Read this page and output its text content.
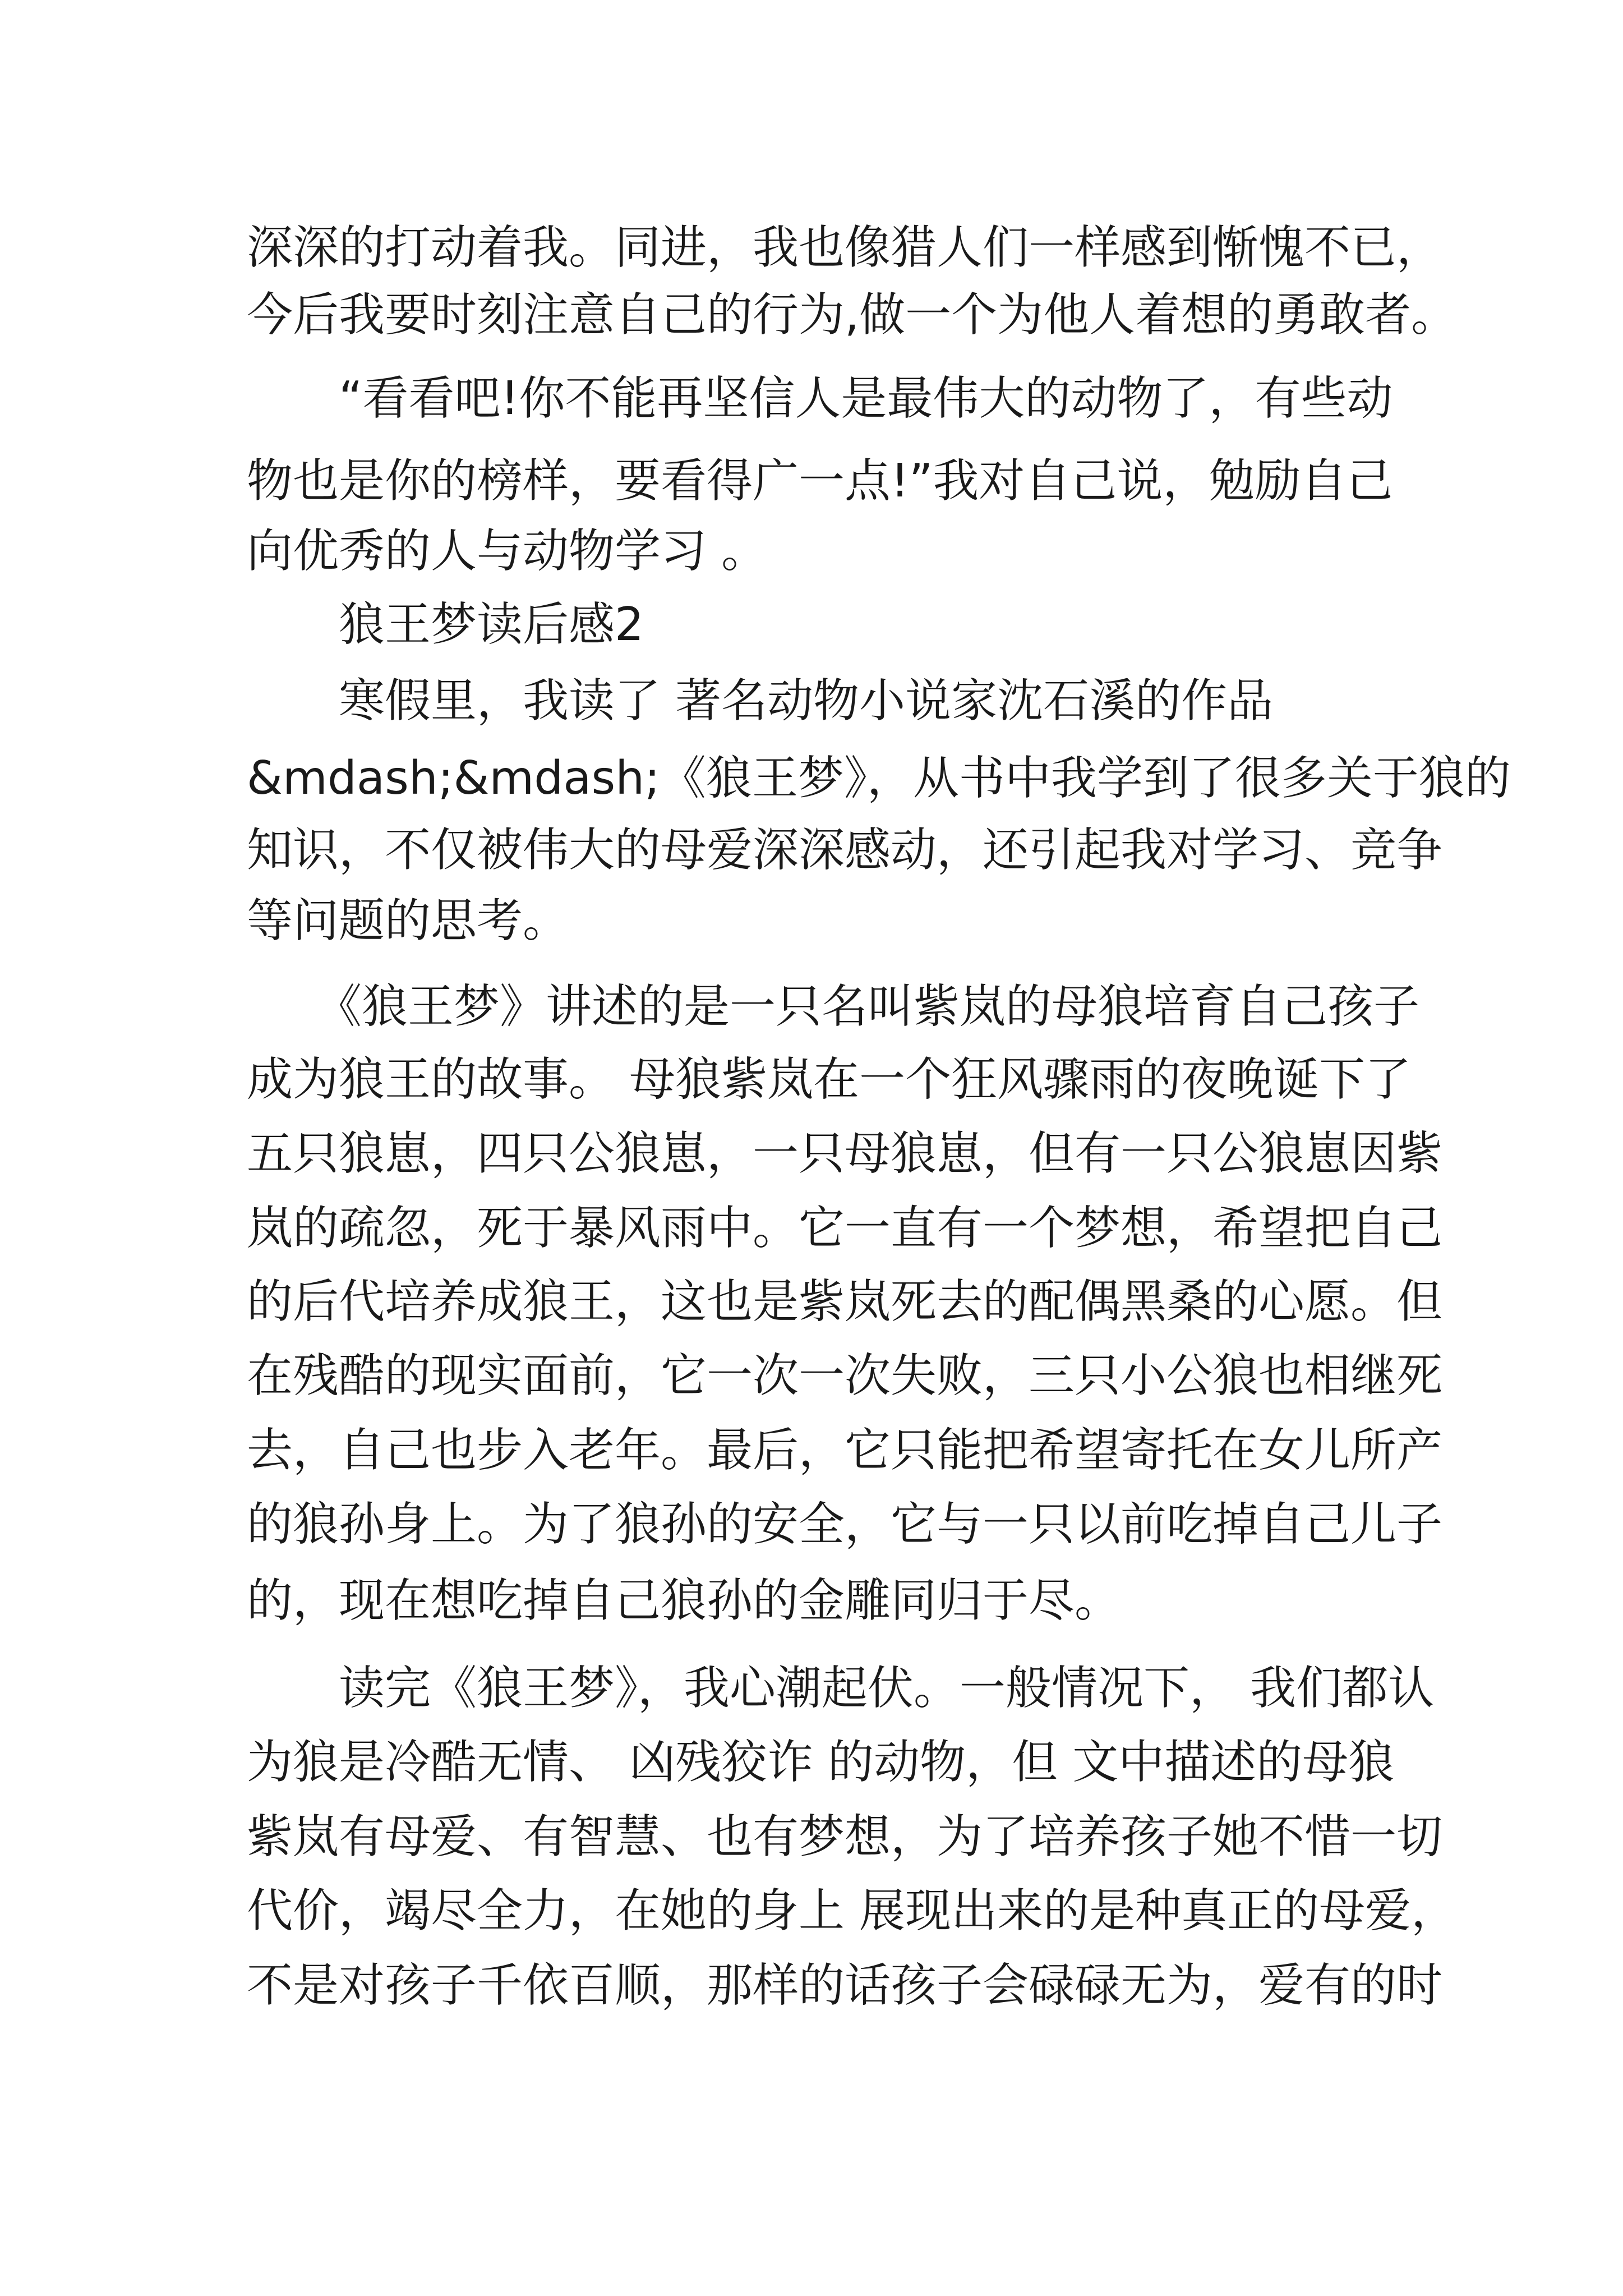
深深的打动着我。同进，我也像猎人们一样感到惭愧不已，
今后我要时刻注意自己的行为,做一个为他人着想的勇敢者。
　　“看看吧!你不能再坚信人是最伟大的动物了，有些动
物也是你的榜样，要看得广一点!”我对自己说，勉励自己
向优秀的人与动物学习 。
　　狼王梦读后感2
　　寒假里，我读了 著名动物小说家沈石溪的作品
&mdash;&mdash;《狼王梦》，从书中我学到了很多关于狼的
知识，不仅被伟大的母爱深深感动，还引起我对学习、竞争
等问题的思考。
　　《狼王梦》讲述的是一只名叫紫岚的母狼培育自己孩子
成为狼王的故事。 母狼紫岚在一个狂风骤雨的夜晚诞下了
五只狼崽，四只公狼崽，一只母狼崽，但有一只公狼崽因紫
岚的疏忽，死于暴风雨中。它一直有一个梦想，希望把自己
的后代培养成狼王，这也是紫岚死去的配偶黑桑的心愿。但
在残酷的现实面前，它一次一次失败，三只小公狼也相继死
去，自己也步入老年。最后，它只能把希望寄托在女儿所产
的狼孙身上。为了狼孙的安全，它与一只以前吃掉自己儿子
的，现在想吃掉自己狼孙的金雕同归于尽。
　　读完《狼王梦》，我心潮起伏。一般情况下， 我们都认
为狼是冷酷无情、 凶残狡诈 的动物，但 文中描述的母狼
紫岚有母爱、有智慧、也有梦想，为了培养孩子她不惜一切
代价，竭尽全力，在她的身上 展现出来的是种真正的母爱，
不是对孩子千依百顺，那样的话孩子会碌碌无为，爱有的时
